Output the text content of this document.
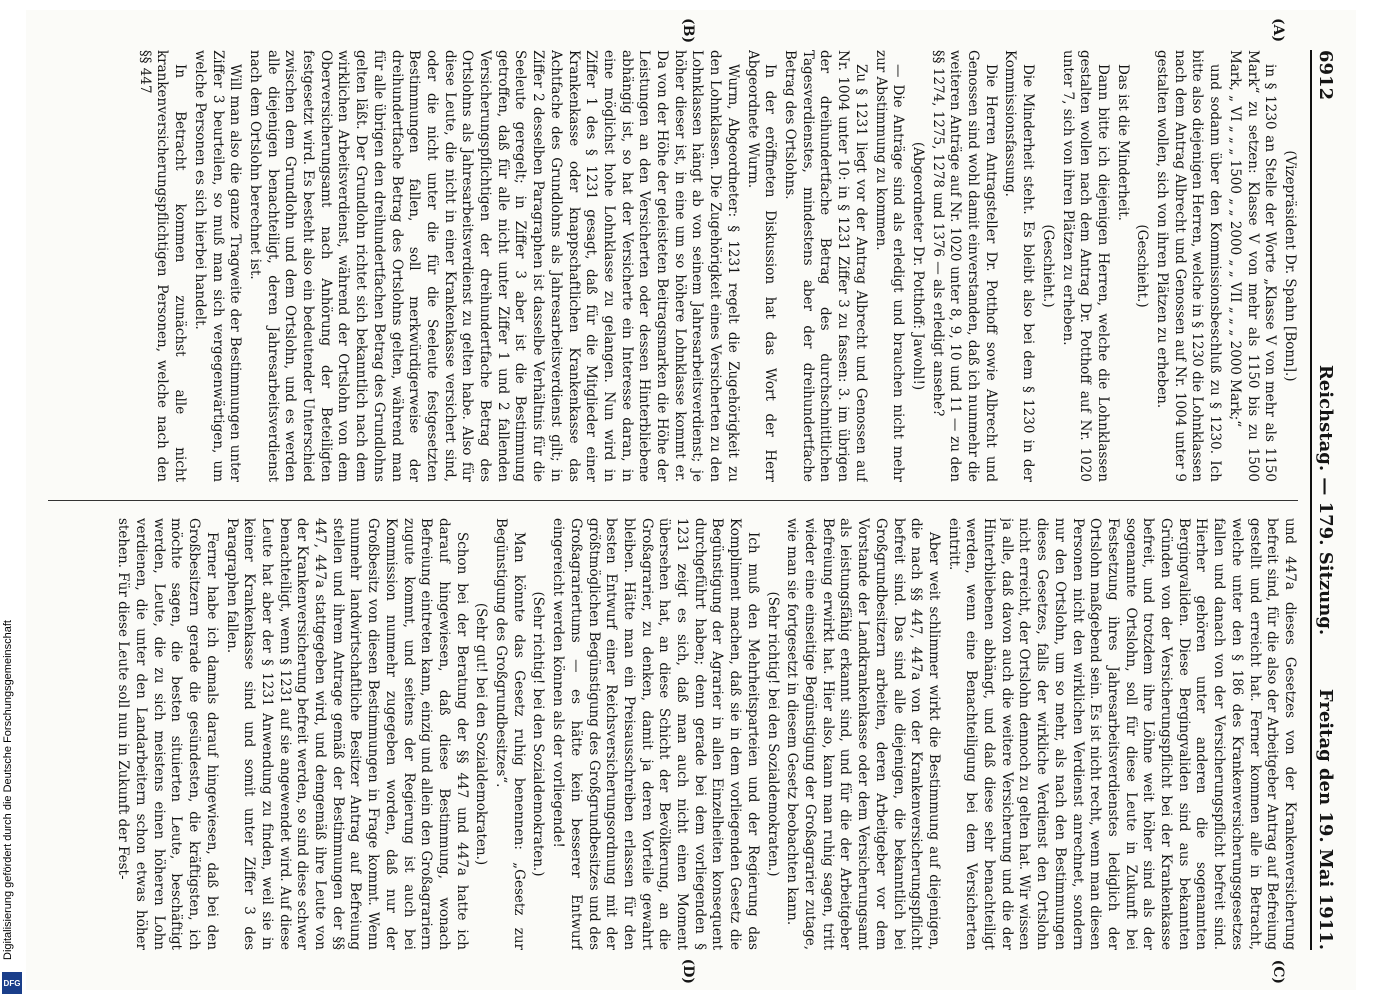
6912
Reichstag. — 179. Sitzung.
Freitag den 19. Mai 1911.
(A)
(B)
(C)
(D)

(Vizepräsident Dr. Spahn [Bonn].)

in § 1230 an Stelle der Worte „Klasse V von mehr als 1150 Mark“ zu setzen: Klasse V von mehr als 1150 bis zu 1500 Mark, „ VI „ „ „ 1500 „ „ 2000 „ „ VII „ „ „ 2000 Mark;“

und sodann über den Kommissionsbeschluß zu § 1230. Ich bitte also diejenigen Herren, welche in § 1230 die Lohnklassen nach dem Antrag Albrecht und Genossen auf Nr. 1004 unter 9 gestalten wollen, sich von ihren Plätzen zu erheben.

(Geschieht.)

Das ist die Minderheit.

Dann bitte ich diejenigen Herren, welche die Lohnklassen gestalten wollen nach dem Antrag Dr. Potthoff auf Nr. 1020 unter 7, sich von ihren Plätzen zu erheben.

(Geschieht.)

Die Minderheit steht. Es bleibt also bei dem § 1230 in der Kommissionsfassung.

Die Herren Antragsteller Dr. Potthoff sowie Albrecht und Genossen sind wohl damit einverstanden, daß ich nunmehr die weiteren Anträge auf Nr. 1020 unter 8, 9, 10 und 11 — zu den §§ 1274, 1275, 1278 und 1376 — als erledigt ansehe?

(Abgeordneter Dr. Potthoff: Jawohl!)

— Die Anträge sind als erledigt und brauchen nicht mehr zur Abstimmung zu kommen.

Zu § 1231 liegt vor der Antrag Albrecht und Genossen auf Nr. 1004 unter 10: in § 1231 Ziffer 3 zu fassen: 3. im übrigen der dreihundertfache Betrag des durchschnittlichen Tagesverdienstes, mindestens aber der dreihundertfache Betrag des Ortslohns.

In der eröffneten Diskussion hat das Wort der Herr Abgeordnete Wurm.

Wurm, Abgeordneter: § 1231 regelt die Zugehörigkeit zu den Lohnklassen. Die Zugehörigkeit eines Versicherten zu den Lohnklassen hängt ab von seinem Jahresarbeitsverdienst; je höher dieser ist, in eine um so höhere Lohnklasse kommt er. Da von der Höhe der geleisteten Beitragsmarken die Höhe der Leistungen an den Versicherten oder dessen Hinterbliebene abhängig ist, so hat der Versicherte ein Interesse daran, in eine möglichst hohe Lohnklasse zu gelangen. Nun wird in Ziffer 1 des § 1231 gesagt, daß für die Mitglieder einer Krankenkasse oder knappschaftlichen Krankenkasse das Achtfache des Grundlohns als Jahresarbeitsverdienst gilt; in Ziffer 2 desselben Paragraphen ist dasselbe Verhältnis für die Seeleute geregelt; in Ziffer 3 aber ist die Bestimmung getroffen, daß für alle nicht unter Ziffer 1 und 2 fallenden Versicherungspflichtigen der dreihundertfache Betrag des Ortslohns als Jahresarbeitsverdienst zu gelten habe. Also für diese Leute, die nicht in einer Krankenkasse versichert sind, oder die nicht unter die für die Seeleute festgesetzten Bestimmungen fallen, soll merkwürdigerweise der dreihundertfache Betrag des Ortslohns gelten, während man für alle übrigen den dreihundertfachen Betrag des Grundlohns gelten läßt. Der Grundlohn richtet sich bekanntlich nach dem wirklichen Arbeitsverdienst, während der Ortslohn von dem Oberversicherungsamt nach Anhörung der Beteiligten festgesetzt wird. Es besteht also ein bedeutender Unterschied zwischen dem Grundlohn und dem Ortslohn, und es werden alle diejenigen benachteiligt, deren Jahresarbeitsverdienst nach dem Ortslohn berechnet ist.

Will man also die ganze Tragweite der Bestimmungen unter Ziffer 3 beurteilen, so muß man sich vergegenwärtigen, um welche Personen es sich hierbei handelt.

In Betracht kommen zunächst alle nicht krankenversicherungspflichtigen Personen, welche nach den §§ 447

und 447a dieses Gesetzes von der Krankenversicherung befreit sind, für die also der Arbeitgeber Antrag auf Befreiung gestellt und erreicht hat. Ferner kommen alle in Betracht, welche unter den § 186 des Krankenversicherungsgesetzes fallen und danach von der Versicherungspflicht befreit sind. Hierher gehören unter anderen die sogenannten Bergingvaliden. Diese Bergingvaliden sind aus bekannten Gründen von der Versicherungspflicht bei der Krankenkasse befreit, und trotzdem ihre Löhne weit höher sind als der sogenannte Ortslohn, soll für diese Leute in Zukunft bei Festsetzung ihres Jahresarbeitsverdienstes lediglich der Ortslohn maßgebend sein. Es ist nicht recht, wenn man diesen Personen nicht den wirklichen Verdienst anrechnet, sondern nur den Ortslohn, um so mehr, als nach den Bestimmungen dieses Gesetzes, falls der wirkliche Verdienst den Ortslohn nicht erreicht, der Ortslohn dennoch zu gelten hat. Wir wissen ja alle, daß davon auch die weitere Versicherung und die der Hinterbliebenen abhängt, und daß diese sehr benachteiligt werden, wenn eine Benachteiligung bei dem Versicherten eintritt.

Aber weit schlimmer wirkt die Bestimmung auf diejenigen, die nach §§ 447, 447a von der Krankenversicherungspflicht befreit sind. Das sind alle diejenigen, die bekanntlich bei Großgrundbesitzern arbeiten, deren Arbeitgeber vor dem Vorstande der Landkrankenkasse oder dem Versicherungsamt als leistungsfähig erkannt sind, und für die der Arbeitgeber Befreiung erwirkt hat. Hier also, kann man ruhig sagen, tritt wieder eine einseitige Begünstigung der Großagrarier zutage, wie man sie fortgesetzt in diesem Gesetz beobachten kann.

(Sehr richtig! bei den Sozialdemokraten.)

Ich muß den Mehrheitsparteien und der Regierung das Kompliment machen, daß sie in dem vorliegenden Gesetz die Begünstigung der Agrarier in allen Einzelheiten konsequent durchgeführt haben; denn gerade bei dem vorliegenden § 1231 zeigt es sich, daß man auch nicht einen Moment übersehen hat, an diese Schicht der Bevölkerung, an die Großagrarier, zu denken, damit ja deren Vorteile gewahrt bleiben. Hätte man ein Preisausschreiben erlassen für den besten Entwurf einer Reichsversicherungsordnung mit der größtmöglichen Begünstigung des Großgrundbesitzes und des Großagrariertums — es hätte kein besserer Entwurf eingereicht werden können als der vorliegende!

(Sehr richtig! bei den Sozialdemokraten.)

Man könnte das Gesetz ruhig benennen: „Gesetz zur Begünstigung des Großgrundbesitzes“.

(Sehr gut! bei den Sozialdemokraten.)

Schon bei der Beratung der §§ 447 und 447a hatte ich darauf hingewiesen, daß diese Bestimmung, wonach Befreiung eintreten kann, einzig und allein den Großagrariern zugute kommt, und seitens der Regierung ist auch bei Kommission nunmehr zugegeben worden, daß nur der Großbesitz von diesen Bestimmungen in Frage kommt. Wenn nunmehr landwirtschaftliche Besitzer Antrag auf Befreiung stellen und ihrem Antrage gemäß der Bestimmungen der §§ 447, 447a stattgegeben wird, und demgemäß ihre Leute von der Krankenversicherung befreit werden, so sind diese schwer benachteiligt, wenn § 1231 auf sie angewendet wird. Auf diese Leute hat aber der § 1231 Anwendung zu finden, weil sie in keiner Krankenkasse sind und somit unter Ziffer 3 des Paragraphen fallen.

Ferner habe ich damals darauf hingewiesen, daß bei den Großbesitzern gerade die gesündesten, die kräftigsten, ich möchte sagen, die besten situierten Leute, beschäftigt werden, Leute, die zu sich meistens einen höheren Lohn verdienen, die unter den Landarbeitern schon etwas höher stehen. Für diese Leute soll nun in Zukunft der Fest-

Digitalisierung gefördert durch die Deutsche Forschungsgemeinschaft
DFG
